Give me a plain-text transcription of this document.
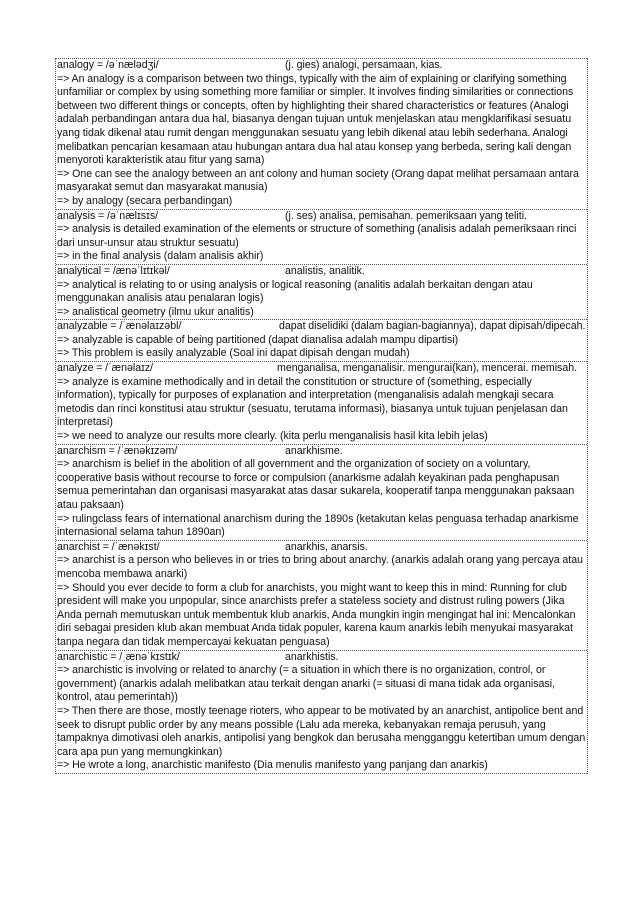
analogy = /əˈnælədʒi/	(j. gies) analogi, persamaan, kias.
=> An analogy is a comparison between two things, typically with the aim of explaining or clarifying something unfamiliar or complex by using something more familiar or simpler. It involves finding similarities or connections between two different things or concepts, often by highlighting their shared characteristics or features (Analogi adalah perbandingan antara dua hal, biasanya dengan tujuan untuk menjelaskan atau mengklarifikasi sesuatu yang tidak dikenal atau rumit dengan menggunakan sesuatu yang lebih dikenal atau lebih sederhana. Analogi melibatkan pencarian kesamaan atau hubungan antara dua hal atau konsep yang berbeda, sering kali dengan menyoroti karakteristik atau fitur yang sama)
=> One can see the analogy between an ant colony and human society (Orang dapat melihat persamaan antara masyarakat semut dan masyarakat manusia)
=> by analogy (secara perbandingan)
analysis = /əˈnælɪsɪs/	(j. ses) analisa, pemisahan. pemeriksaan yang teliti.
=> analysis is detailed examination of the elements or structure of something (analisis adalah pemeriksaan rinci dari unsur-unsur atau struktur sesuatu)
=> in the final analysis (dalam analisis akhir)
analytical = /ænəˈlɪtɪkəl/	analistis, analitik.
=> analytical is relating to or using analysis or logical reasoning (analitis adalah berkaitan dengan atau menggunakan analisis atau penalaran logis)
=> analistical geometry (ilmu ukur analitis)
analyzable = /ˈænəlaɪzəbl/	dapat diselidiki (dalam bagian-bagiannya), dapat dipisah/dipecah.
=> analyzable is capable of being partitioned (dapat dianalisa adalah mampu dipartisi)
=> This problem is easily analyzable (Soal ini dapat dipisah dengan mudah)
analyze = /ˈænəlaɪz/	menganalisa, menganalisir. mengurai(kan), mencerai. memisah.
=> analyze is examine methodically and in detail the constitution or structure of (something, especially information), typically for purposes of explanation and interpretation (menganalisis adalah mengkaji secara metodis dan rinci konstitusi atau struktur (sesuatu, terutama informasi), biasanya untuk tujuan penjelasan dan interpretasi)
=> we need to analyze our results more clearly. (kita perlu menganalisis hasil kita lebih jelas)
anarchism = /ˈænəkɪzəm/	anarkhisme.
=> anarchism is belief in the abolition of all government and the organization of society on a voluntary, cooperative basis without recourse to force or compulsion (anarkisme adalah keyakinan pada penghapusan semua pemerintahan dan organisasi masyarakat atas dasar sukarela, kooperatif tanpa menggunakan paksaan atau paksaan)
=> rulingclass fears of international anarchism during the 1890s (ketakutan kelas penguasa terhadap anarkisme internasional selama tahun 1890an)
anarchist = /ˈænəkɪst/	anarkhis, anarsis.
=> anarchist is a person who believes in or tries to bring about anarchy. (anarkis adalah orang yang percaya atau mencoba membawa anarki)
=> Should you ever decide to form a club for anarchists, you might want to keep this in mind: Running for club president will make you unpopular, since anarchists prefer a stateless society and distrust ruling powers (Jika Anda pernah memutuskan untuk membentuk klub anarkis, Anda mungkin ingin mengingat hal ini: Mencalonkan diri sebagai presiden klub akan membuat Anda tidak populer, karena kaum anarkis lebih menyukai masyarakat tanpa negara dan tidak mempercayai kekuatan penguasa)
anarchistic = /ˌænəˈkɪstɪk/	anarkhistis.
=> anarchistic is involving or related to anarchy (= a situation in which there is no organization, control, or government) (anarkis adalah melibatkan atau terkait dengan anarki (= situasi di mana tidak ada organisasi, kontrol, atau pemerintah))
=> Then there are those, mostly teenage rioters, who appear to be motivated by an anarchist, antipolice bent and seek to disrupt public order by any means possible (Lalu ada mereka, kebanyakan remaja perusuh, yang tampaknya dimotivasi oleh anarkis, antipolisi yang bengkok dan berusaha mengganggu ketertiban umum dengan cara apa pun yang memungkinkan)
=> He wrote a long, anarchistic manifesto (Dia menulis manifesto yang panjang dan anarkis)
